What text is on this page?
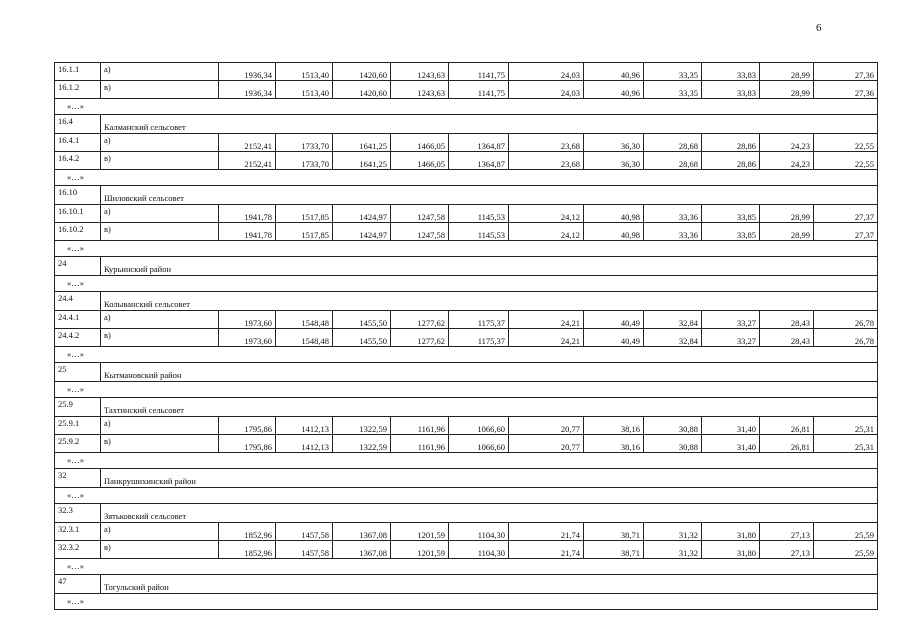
6
16.1.1	а)	1936,34	1513,40	1420,60	1243,63	1141,75	24,03	40,96	33,35	33,83	28,99	27,36
16.1.2	в)	1936,34	1513,40	1420,60	1243,63	1141,75	24,03	40,96	33,35	33,83	28,99	27,36
«…»												
16.4	Калманский сельсовет											
16.4.1	а)	2152,41	1733,70	1641,25	1466,05	1364,87	23,68	36,30	28,68	28,86	24,23	22,55
16.4.2	в)	2152,41	1733,70	1641,25	1466,05	1364,87	23,68	36,30	28,68	28,86	24,23	22,55
«…»												
16.10	Шиловский сельсовет											
16.10.1	а)	1941,78	1517,85	1424,97	1247,58	1145,53	24,12	40,98	33,36	33,85	28,99	27,37
16.10.2	в)	1941,78	1517,85	1424,97	1247,58	1145,53	24,12	40,98	33,36	33,85	28,99	27,37
«…»												
24	Курьинский район											
«…»												
24.4	Колыванский сельсовет											
24.4.1	а)	1973,60	1548,48	1455,50	1277,62	1175,37	24,21	40,49	32,84	33,27	28,43	26,78
24.4.2	в)	1973,60	1548,48	1455,50	1277,62	1175,37	24,21	40,49	32,84	33,27	28,43	26,78
«…»												
25	Кытмановский район											
«…»												
25.9	Тахтинский сельсовет											
25.9.1	а)	1795,86	1412,13	1322,59	1161,96	1066,60	20,77	38,16	30,88	31,40	26,81	25,31
25.9.2	в)	1795,86	1412,13	1322,59	1161,96	1066,60	20,77	38,16	30,88	31,40	26,81	25,31
«…»												
32	Панкрушихинский район											
«…»												
32.3	Зятьковский сельсовет											
32.3.1	а)	1852,96	1457,58	1367,08	1201,59	1104,30	21,74	38,71	31,32	31,80	27,13	25,59
32.3.2	в)	1852,96	1457,58	1367,08	1201,59	1104,30	21,74	38,71	31,32	31,80	27,13	25,59
«…»												
47	Тогульский район											
«…»												
